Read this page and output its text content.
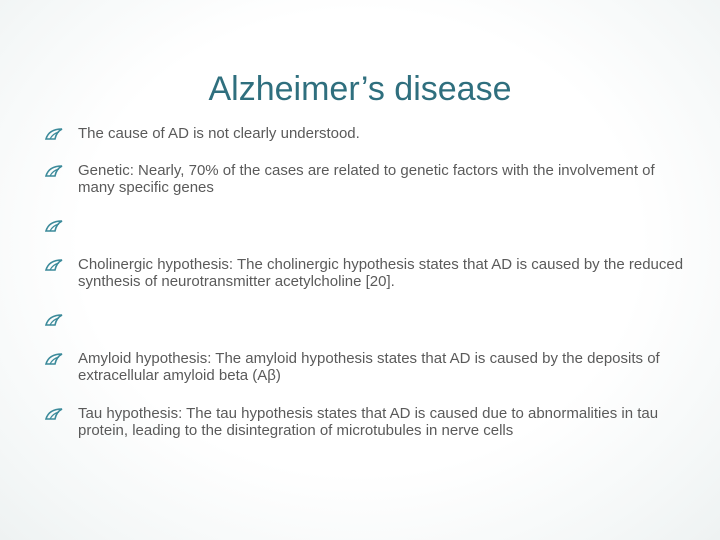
Alzheimer’s disease
The cause of AD is not clearly understood.
Genetic: Nearly, 70% of the cases are related to genetic factors with the involvement of many specific genes
Cholinergic hypothesis: The cholinergic hypothesis states that AD is caused by the reduced synthesis of neurotransmitter acetylcholine [20].
Amyloid hypothesis: The amyloid hypothesis states that AD is caused by the deposits of extracellular amyloid beta (Aβ)
Tau hypothesis: The tau hypothesis states that AD is caused due to abnormalities in tau protein, leading to the disintegration of microtubules in nerve cells
